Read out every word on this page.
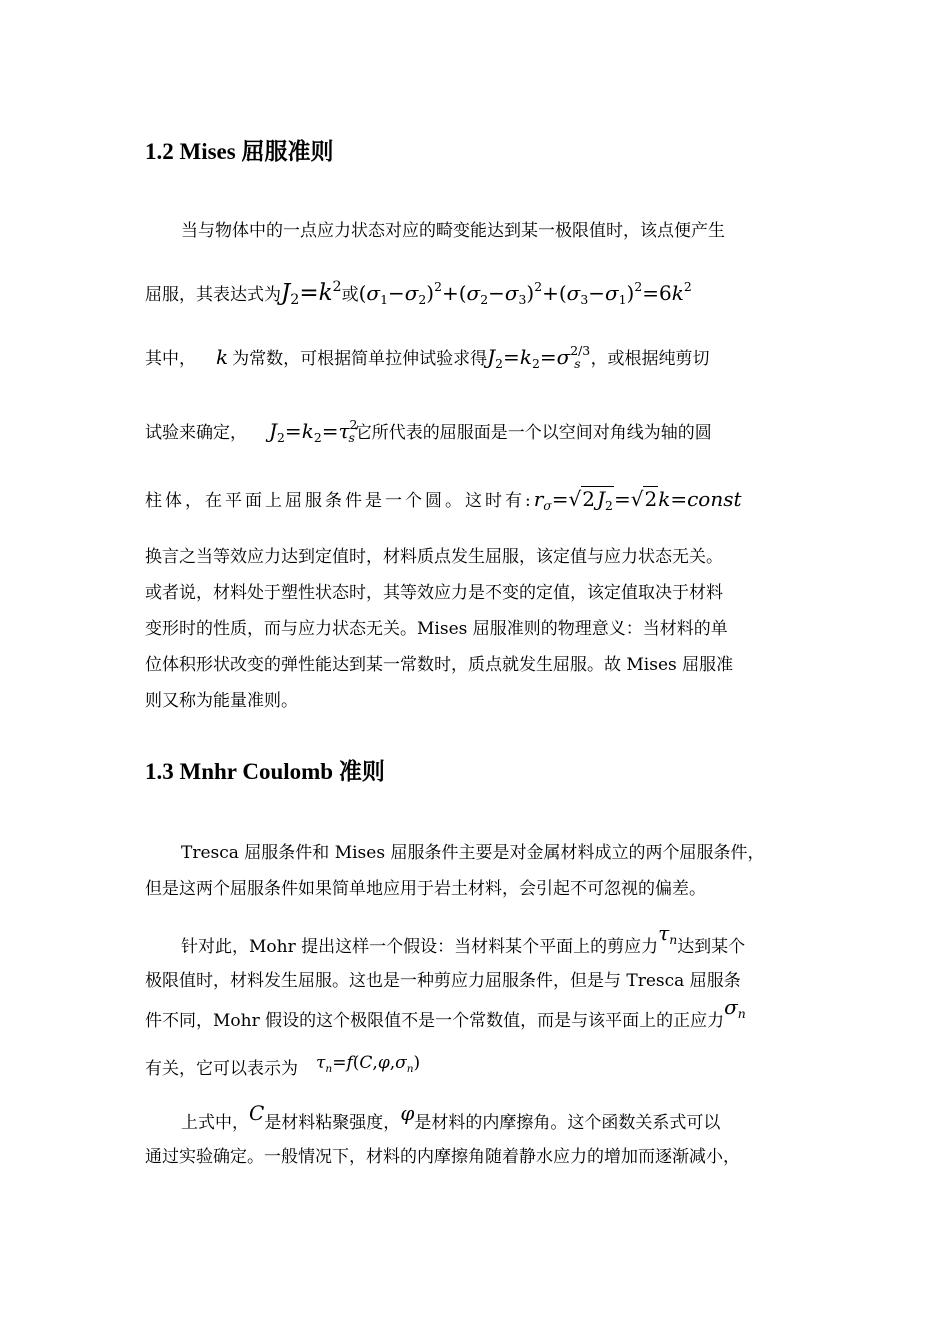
1.2 Mises 屈服准则
当与物体中的一点应力状态对应的畸变能达到某一极限值时，该点便产生
屈服，其表达式为$J_2=k^2$或$(\sigma_1-\sigma_2)^2+(\sigma_2-\sigma_3)^2+(\sigma_3-\sigma_1)^2=6k^2$
其中， k 为常数，可根据简单拉伸试验求得$J_2=k_2=\sigma^{2/3}_s$ ，或根据纯剪切
试验来确定， $J_2=k_2=\tau^2_s$它所代表的屈服面是一个以空间对角线为轴的圆
柱体，在平面上屈服条件是一个圆。这时有$:r_\sigma=√2$ $J_2=√2k=const$
换言之当等效应力达到定值时，材料质点发生屈服，该定值与应力状态无关。
或者说，材料处于塑性状态时，其等效应力是不变的定值，该定值取决于材料
变形时的性质，而与应力状态无关。Mises 屈服准则的物理意义：当材料的单
位体积形状改变的弹性能达到某一常数时，质点就发生屈服。故 Mises 屈服准
则又称为能量准则。
1.3 Mnhr Coulomb 准则
Tresca 屈服条件和 Mises 屈服条件主要是对金属材料成立的两个屈服条件，
但是这两个屈服条件如果简单地应用于岩土材料，会引起不可忽视的偏差。
针对此，Mohr 提出这样一个假设：当材料某个平面上的剪应力$\tau_n$达到某个
极限值时，材料发生屈服。这也是一种剪应力屈服条件，但是与 Tresca 屈服条
件不同，Mohr 假设的这个极限值不是一个常数值，而是与该平面上的正应力$\sigma_n$
有关，它可以表示为 $\tau_n=f(C,\varphi,\sigma_n)$
上式中，C是材料粘聚强度，φ是材料的内摩擦角。这个函数关系式可以
通过实验确定。一般情况下，材料的内摩擦角随着静水应力的增加而逐渐减小，
